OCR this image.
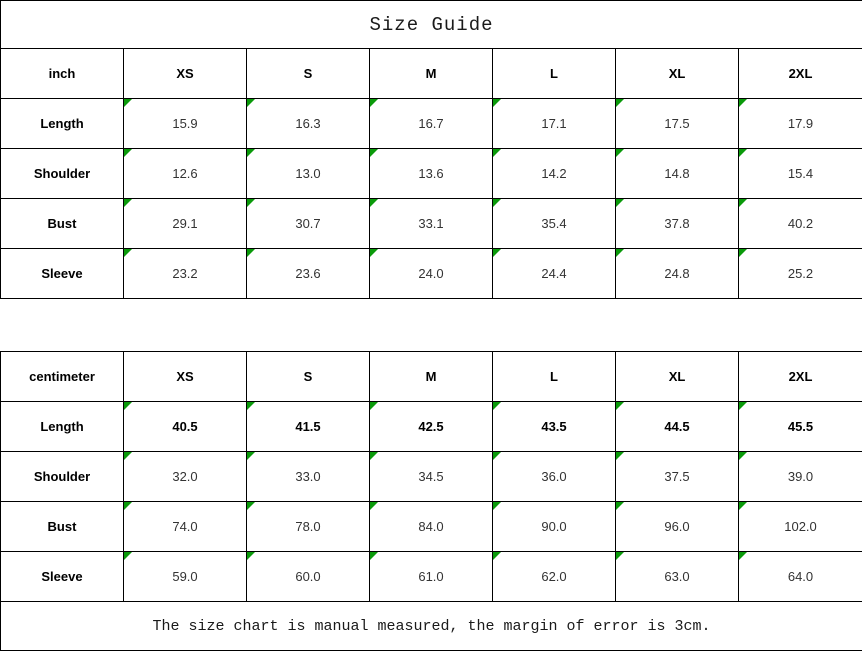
Size Guide						
inch	XS	S	M	L	XL	2XL
Length	15.9	16.3	16.7	17.1	17.5	17.9
Shoulder	12.6	13.0	13.6	14.2	14.8	15.4
Bust	29.1	30.7	33.1	35.4	37.8	40.2
Sleeve	23.2	23.6	24.0	24.4	24.8	25.2

centimeter	XS	S	M	L	XL	2XL
Length	40.5	41.5	42.5	43.5	44.5	45.5
Shoulder	32.0	33.0	34.5	36.0	37.5	39.0
Bust	74.0	78.0	84.0	90.0	96.0	102.0
Sleeve	59.0	60.0	61.0	62.0	63.0	64.0
The size chart is manual measured, the margin of error is 3cm.						
